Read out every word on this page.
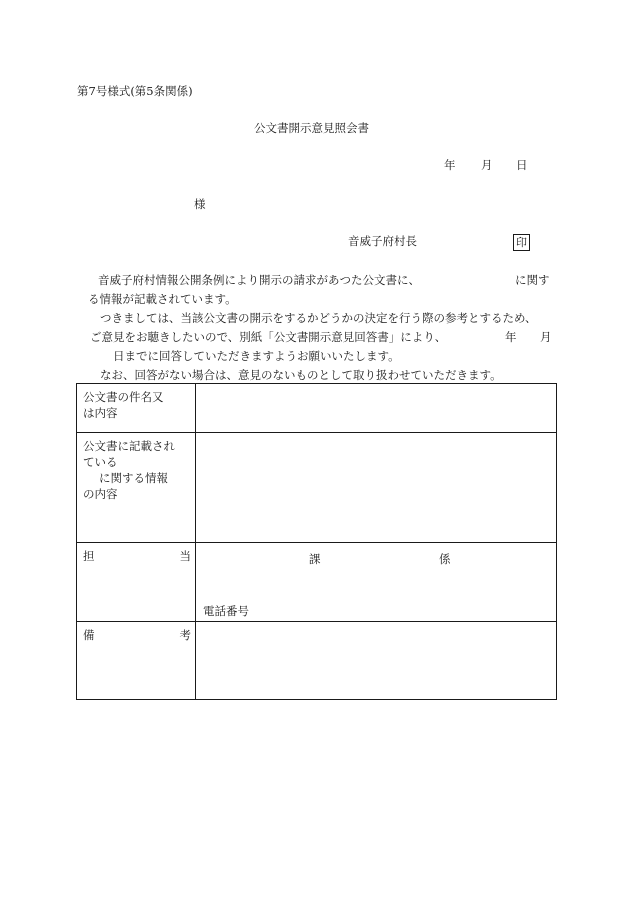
第7号様式(第5条関係)
公文書開示意見照会書
年 月 日
様
音威子府村長	印
音威子府村情報公開条例により開示の請求があつた公文書に、	に関す
る情報が記載されています。
つきましては、当該公文書の開示をするかどうかの決定を行う際の参考とするため、
ご意見をお聴きしたいので、別紙「公文書開示意見回答書」により、	年 月
日までに回答していただきますようお願いいたします。
なお、回答がない場合は、意見のないものとして取り扱わせていただきます。
公文書の件名又
は内容	

公文書に記載され
ている
に関する情報
の内容	

担 当	課 係
電話番号

備 考	
